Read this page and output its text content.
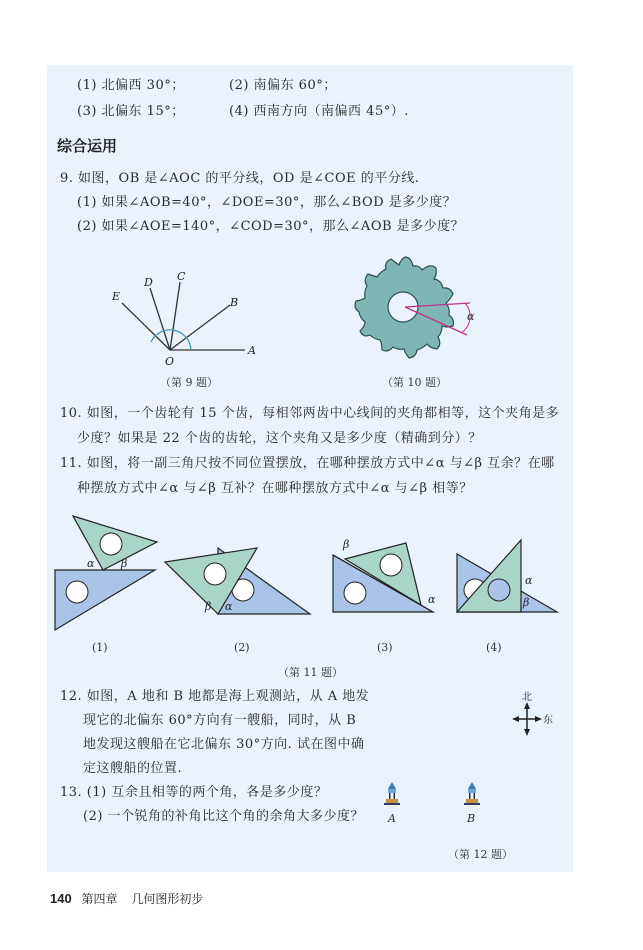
(1) 北偏西 30°；	(2) 南偏东 60°；
(3) 北偏东 15°；	(4) 西南方向（南偏西 45°）.
综合运用
9. 如图，OB 是∠AOC 的平分线，OD 是∠COE 的平分线.
(1) 如果∠AOB=40°，∠DOE=30°，那么∠BOD 是多少度？
(2) 如果∠AOE=140°，∠COD=30°，那么∠AOB 是多少度？
E
D C
B
A
O
（第 9 题）
α
（第 10 题）
10. 如图，一个齿轮有 15 个齿，每相邻两齿中心线间的夹角都相等，这个夹角是多
少度？如果是 22 个齿的齿轮，这个夹角又是多少度（精确到分）？
11. 如图，将一副三角尺按不同位置摆放，在哪种摆放方式中∠α 与∠β 互余？在哪
种摆放方式中∠α 与∠β 互补？在哪种摆放方式中∠α 与∠β 相等？
α β
β α
β
α
α
β
(1)	(2)	(3)	(4)
（第 11 题）
12. 如图，A 地和 B 地都是海上观测站，从 A 地发
现它的北偏东 60°方向有一艘船，同时，从 B
地发现这艘船在它北偏东 30°方向. 试在图中确
定这艘船的位置.
13. (1) 互余且相等的两个角，各是多少度？
(2) 一个锐角的补角比这个角的余角大多少度？
北
东
A	B
（第 12 题）
140 第四章 几何图形初步
